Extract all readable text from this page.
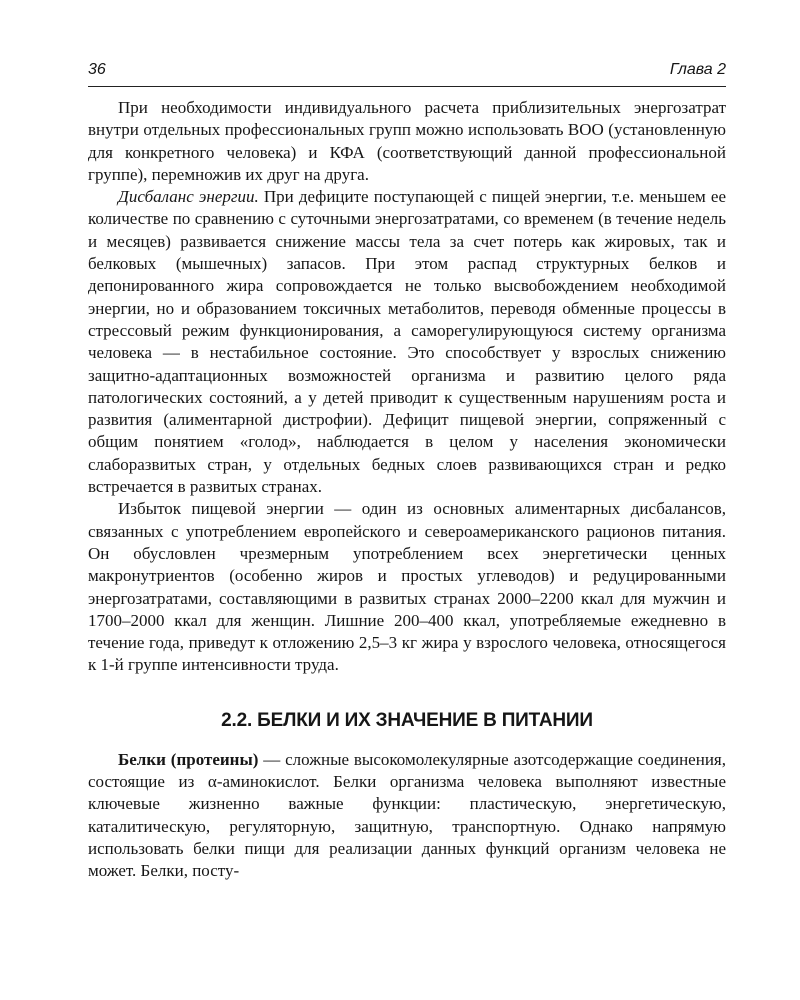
36	Глава 2

При необходимости индивидуального расчета приблизительных энергозатрат внутри отдельных профессиональных групп можно использовать ВОО (установленную для конкретного человека) и КФА (соответствующий данной профессиональной группе), перемножив их друг на друга.

Дисбаланс энергии. При дефиците поступающей с пищей энергии, т.е. меньшем ее количестве по сравнению с суточными энергозатратами, со временем (в течение недель и месяцев) развивается снижение массы тела за счет потерь как жировых, так и белковых (мышечных) запасов. При этом распад структурных белков и депонированного жира сопровождается не только высвобождением необходимой энергии, но и образованием токсичных метаболитов, переводя обменные процессы в стрессовый режим функционирования, а саморегулирующуюся систему организма человека — в нестабильное состояние. Это способствует у взрослых снижению защитно-адаптационных возможностей организма и развитию целого ряда патологических состояний, а у детей приводит к существенным нарушениям роста и развития (алиментарной дистрофии). Дефицит пищевой энергии, сопряженный с общим понятием «голод», наблюдается в целом у населения экономически слаборазвитых стран, у отдельных бедных слоев развивающихся стран и редко встречается в развитых странах.

Избыток пищевой энергии — один из основных алиментарных дисбалансов, связанных с употреблением европейского и североамериканского рационов питания. Он обусловлен чрезмерным употреблением всех энергетически ценных макронутриентов (особенно жиров и простых углеводов) и редуцированными энергозатратами, составляющими в развитых странах 2000–2200 ккал для мужчин и 1700–2000 ккал для женщин. Лишние 200–400 ккал, употребляемые ежедневно в течение года, приведут к отложению 2,5–3 кг жира у взрослого человека, относящегося к 1-й группе интенсивности труда.

2.2. БЕЛКИ И ИХ ЗНАЧЕНИЕ В ПИТАНИИ

Белки (протеины) — сложные высокомолекулярные азотсодержащие соединения, состоящие из α-аминокислот. Белки организма человека выполняют известные ключевые жизненно важные функции: пластическую, энергетическую, каталитическую, регуляторную, защитную, транспортную. Однако напрямую использовать белки пищи для реализации данных функций организм человека не может. Белки, посту-
